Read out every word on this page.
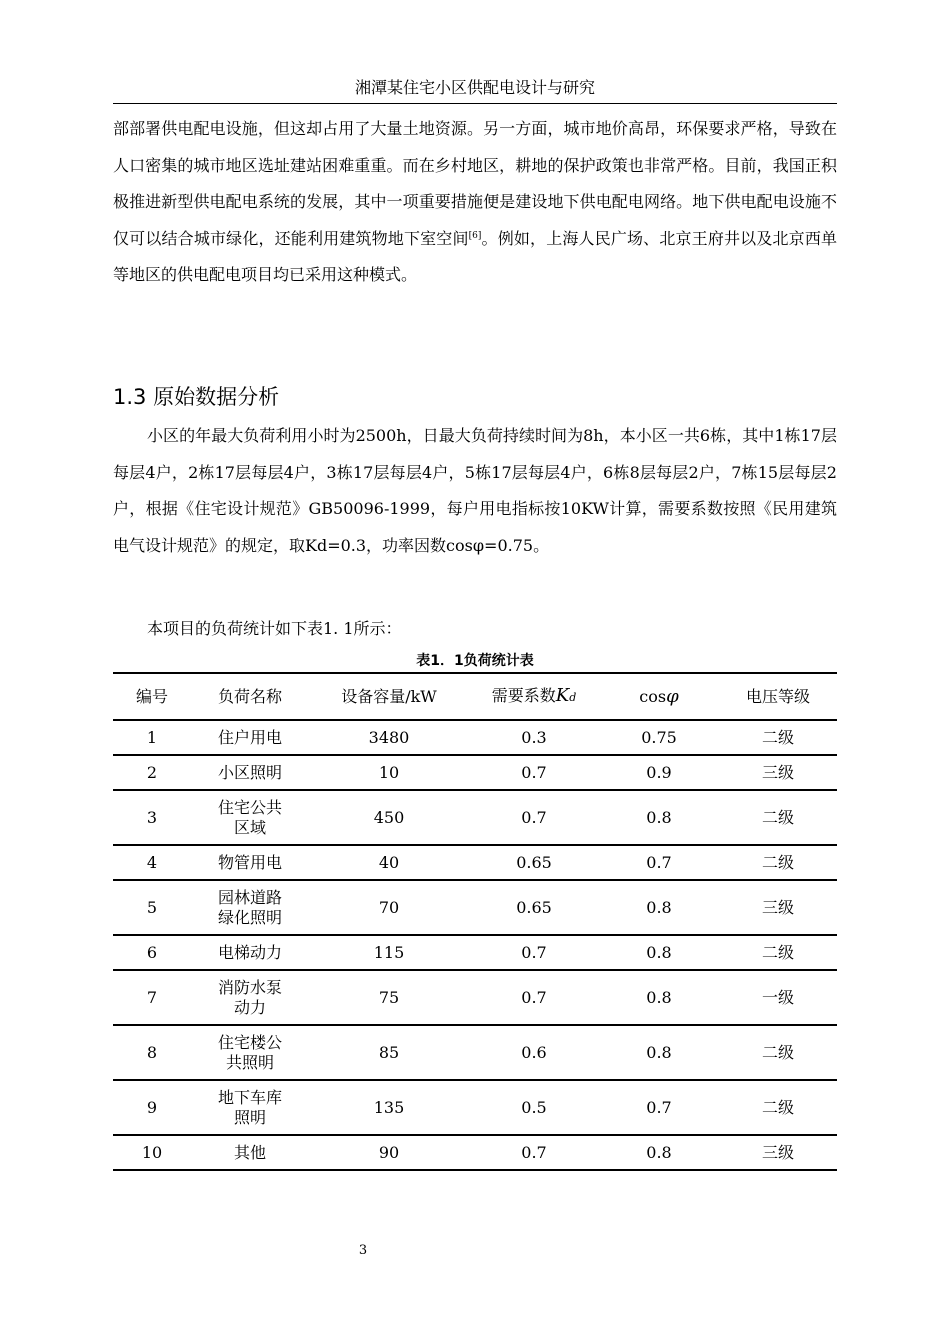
湘潭某住宅小区供配电设计与研究

部部署供电配电设施，但这却占用了大量土地资源。另一方面，城市地价高昂，环保要求严格，导致在人口密集的城市地区选址建站困难重重。而在乡村地区，耕地的保护政策也非常严格。目前，我国正积极推进新型供电配电系统的发展，其中一项重要措施便是建设地下供电配电网络。地下供电配电设施不仅可以结合城市绿化，还能利用建筑物地下室空间[6]。例如，上海人民广场、北京王府井以及北京西单等地区的供电配电项目均已采用这种模式。

1.3 原始数据分析

小区的年最大负荷利用小时为2500h，日最大负荷持续时间为8h，本小区一共6栋，其中1栋17层每层4户，2栋17层每层4户，3栋17层每层4户，5栋17层每层4户，6栋8层每层2户，7栋15层每层2户，根据《住宅设计规范》GB50096-1999，每户用电指标按10KW计算，需要系数按照《民用建筑电气设计规范》的规定，取Kd=0.3，功率因数cosφ=0.75。

本项目的负荷统计如下表1. 1所示：

表1．1负荷统计表
编号	负荷名称	设备容量/kW	需要系数Kd	cosφ	电压等级
1	住户用电	3480	0.3	0.75	二级
2	小区照明	10	0.7	0.9	三级
3	住宅公共区域	450	0.7	0.8	二级
4	物管用电	40	0.65	0.7	二级
5	园林道路绿化照明	70	0.65	0.8	三级
6	电梯动力	115	0.7	0.8	二级
7	消防水泵动力	75	0.7	0.8	一级
8	住宅楼公共照明	85	0.6	0.8	二级
9	地下车库照明	135	0.5	0.7	二级
10	其他	90	0.7	0.8	三级
3
